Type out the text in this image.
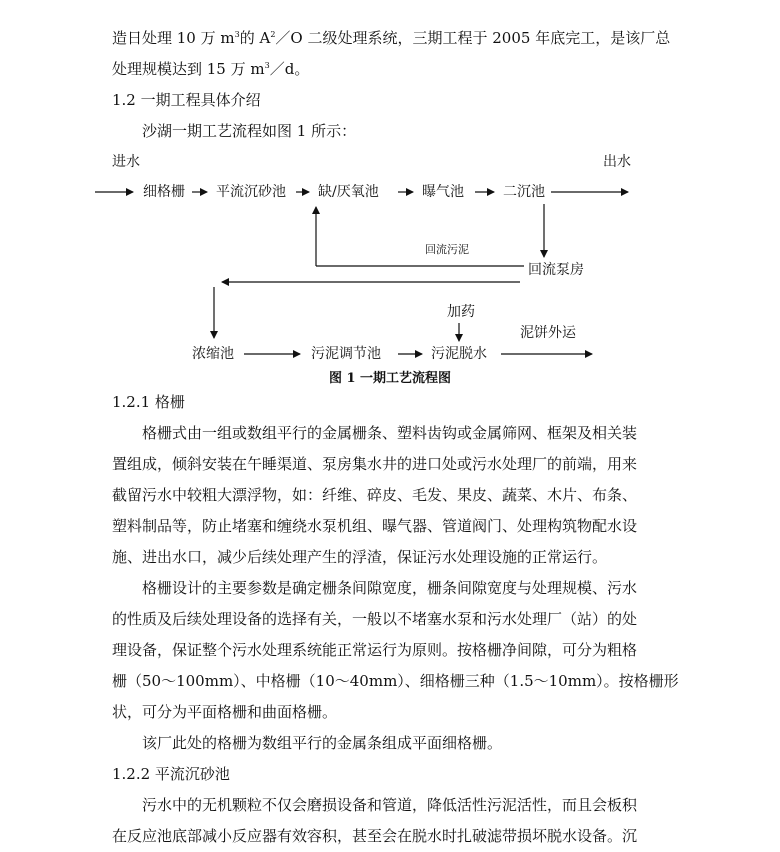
造日处理 10 万 $m^3$的 $A^2/O$ 二级处理系统，三期工程于 2005 年底完工，是该厂总
处理规模达到 15 万 $m^3/d$。
1.2 一期工程具体介绍
沙湖一期工艺流程如图 1 所示：
进水	出水
细格栅 平流沉砂池 缺/厌氧池	曝气池	二沉池
回流污泥
回流泵房
加药
泥饼外运
浓缩池	污泥调节池	污泥脱水
图 1 一期工艺流程图
1.2.1 格栅
格栅式由一组或数组平行的金属栅条、塑料齿钩或金属筛网、框架及相关装
置组成，倾斜安装在午睡渠道、泵房集水井的进口处或污水处理厂的前端，用来
截留污水中较粗大漂浮物，如：纤维、碎皮、毛发、果皮、蔬菜、木片、布条、
塑料制品等，防止堵塞和缠绕水泵机组、曝气器、管道阀门、处理构筑物配水设
施、进出水口，减少后续处理产生的浮渣，保证污水处理设施的正常运行。
格栅设计的主要参数是确定栅条间隙宽度，栅条间隙宽度与处理规模、污水
的性质及后续处理设备的选择有关，一般以不堵塞水泵和污水处理厂（站）的处
理设备，保证整个污水处理系统能正常运行为原则。按格栅净间隙，可分为粗格
栅（50～100mm）、中格栅（10～40mm）、细格栅三种（1.5～10mm）。按格栅形
状，可分为平面格栅和曲面格栅。
该厂此处的格栅为数组平行的金属条组成平面细格栅。
1.2.2 平流沉砂池
污水中的无机颗粒不仅会磨损设备和管道，降低活性污泥活性，而且会板积
在反应池底部减小反应器有效容积，甚至会在脱水时扎破滤带损坏脱水设备。沉
